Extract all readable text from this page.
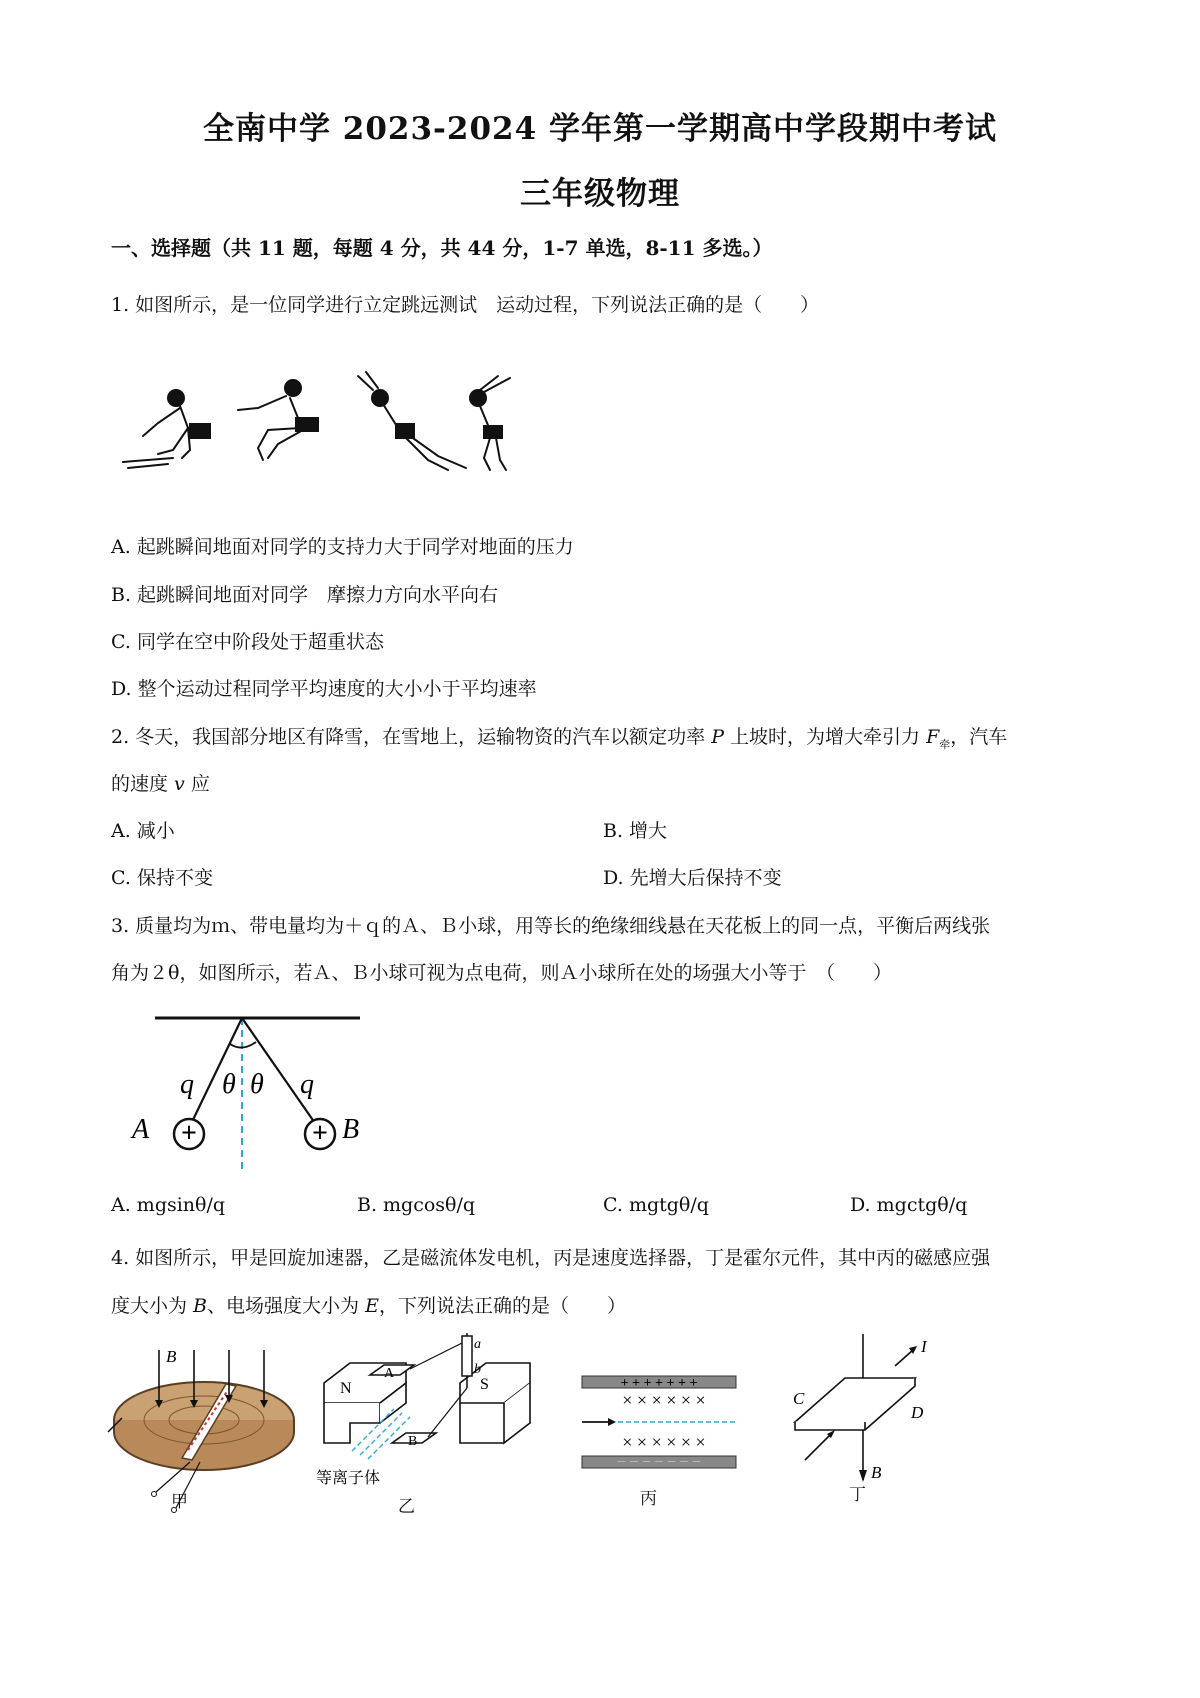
全南中学 2023-2024 学年第一学期高中学段期中考试
三年级物理
一、选择题（共 11 题，每题 4 分，共 44 分，1-7 单选，8-11 多选。）
1. 如图所示，是一位同学进行立定跳远测试　运动过程，下列说法正确的是（　　）
A. 起跳瞬间地面对同学的支持力大于同学对地面的压力
B. 起跳瞬间地面对同学　摩擦力方向水平向右
C. 同学在空中阶段处于超重状态
D. 整个运动过程同学平均速度的大小小于平均速率
2. 冬天，我国部分地区有降雪，在雪地上，运输物资的汽车以额定功率 P 上坡时，为增大牵引力 $F_牵$，汽车
的速度 v 应
A. 减小	B. 增大
C. 保持不变	D. 先增大后保持不变
3. 质量均为ｍ、带电量均为＋ｑ的Ａ、Ｂ小球，用等长的绝缘细线悬在天花板上的同一点，平衡后两线张
角为２θ，如图所示，若Ａ、Ｂ小球可视为点电荷，则Ａ小球所在处的场强大小等于　（　　）
+	+
q	q
θ θ
A	B
A. mgsinθ/q	B. mgcosθ/q	C. mgtgθ/q	D. mgctgθ/q
4. 如图所示，甲是回旋加速器，乙是磁流体发电机，丙是速度选择器，丁是霍尔元件，其中丙的磁感应强
度大小为 B、电场强度大小为 E，下列说法正确的是（　　）
B
甲
N	S
A
B
a
b
等离子体
乙
+ + + + + + +
－ － － － － － －
× × × × × ×
× × × × × ×
丙
I
C
D
B
丁
